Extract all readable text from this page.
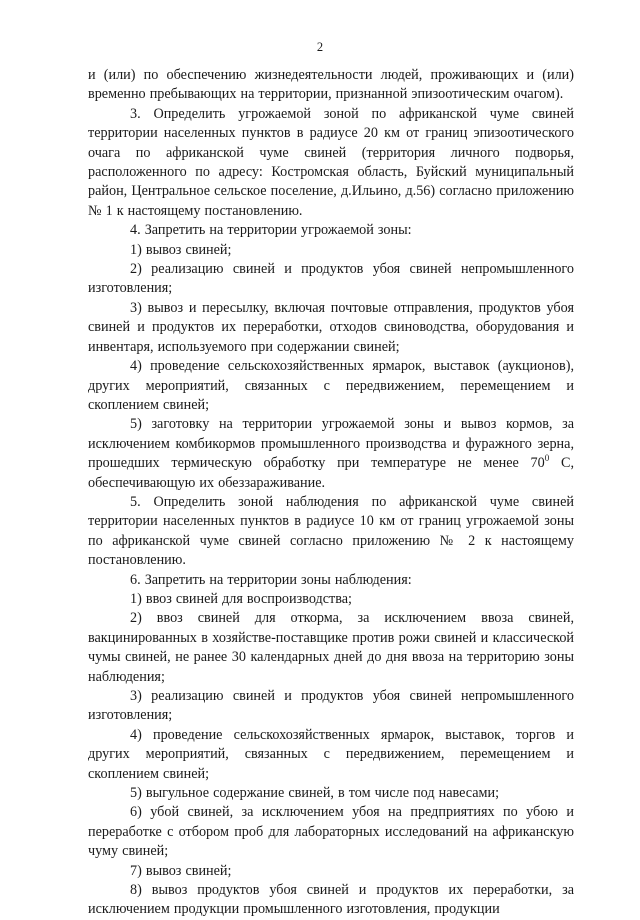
2

и (или) по обеспечению жизнедеятельности людей, проживающих и (или) временно пребывающих на территории, признанной эпизоотическим очагом).

3. Определить угрожаемой зоной по африканской чуме свиней территории населенных пунктов в радиусе 20 км от границ эпизоотического очага по африканской чуме свиней (территория личного подворья, расположенного по адресу: Костромская область, Буйский муниципальный район, Центральное сельское поселение, д.Ильино, д.56) согласно приложению № 1 к настоящему постановлению.

4. Запретить на территории угрожаемой зоны:

1) вывоз свиней;

2) реализацию свиней и продуктов убоя свиней непромышленного изготовления;

3) вывоз и пересылку, включая почтовые отправления, продуктов убоя свиней и продуктов их переработки, отходов свиноводства, оборудования и инвентаря, используемого при содержании свиней;

4) проведение сельскохозяйственных ярмарок, выставок (аукционов), других мероприятий, связанных с передвижением, перемещением и скоплением свиней;

5) заготовку на территории угрожаемой зоны и вывоз кормов, за исключением комбикормов промышленного производства и фуражного зерна, прошедших термическую обработку при температуре не менее $70^0$ С, обеспечивающую их обеззараживание.

5. Определить зоной наблюдения по африканской чуме свиней территории населенных пунктов в радиусе 10 км от границ угрожаемой зоны по африканской чуме свиней согласно приложению № 2 к настоящему постановлению.

6. Запретить на территории зоны наблюдения:

1) ввоз свиней для воспроизводства;

2) ввоз свиней для откорма, за исключением ввоза свиней, вакцинированных в хозяйстве-поставщике против рожи свиней и классической чумы свиней, не ранее 30 календарных дней до дня ввоза на территорию зоны наблюдения;

3) реализацию свиней и продуктов убоя свиней непромышленного изготовления;

4) проведение сельскохозяйственных ярмарок, выставок, торгов и других мероприятий, связанных с передвижением, перемещением и скоплением свиней;

5) выгульное содержание свиней, в том числе под навесами;

6) убой свиней, за исключением убоя на предприятиях по убою и переработке с отбором проб для лабораторных исследований на африканскую чуму свиней;

7) вывоз свиней;

8) вывоз продуктов убоя свиней и продуктов их переработки, за исключением продукции промышленного изготовления, продукции
